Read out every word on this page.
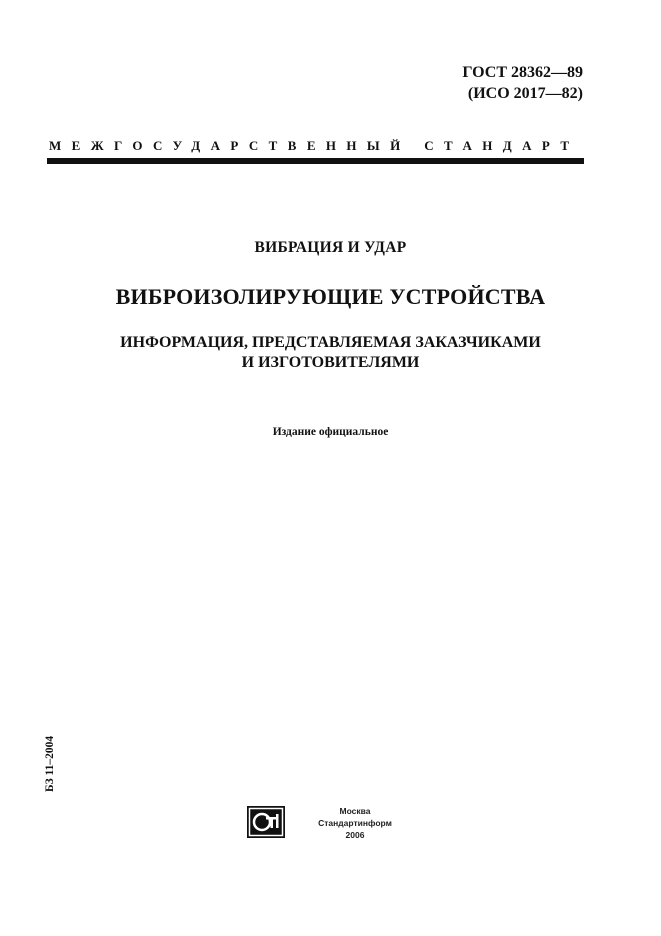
ГОСТ 28362—89
(ИСО 2017—82)
МЕЖГОСУДАРСТВЕННЫЙ СТАНДАРТ
ВИБРАЦИЯ И УДАР
ВИБРОИЗОЛИРУЮЩИЕ УСТРОЙСТВА
ИНФОРМАЦИЯ, ПРЕДСТАВЛЯЕМАЯ ЗАКАЗЧИКАМИ
И ИЗГОТОВИТЕЛЯМИ
Издание официальное
БЗ 11–2004
Москва
Стандартинформ
2006
